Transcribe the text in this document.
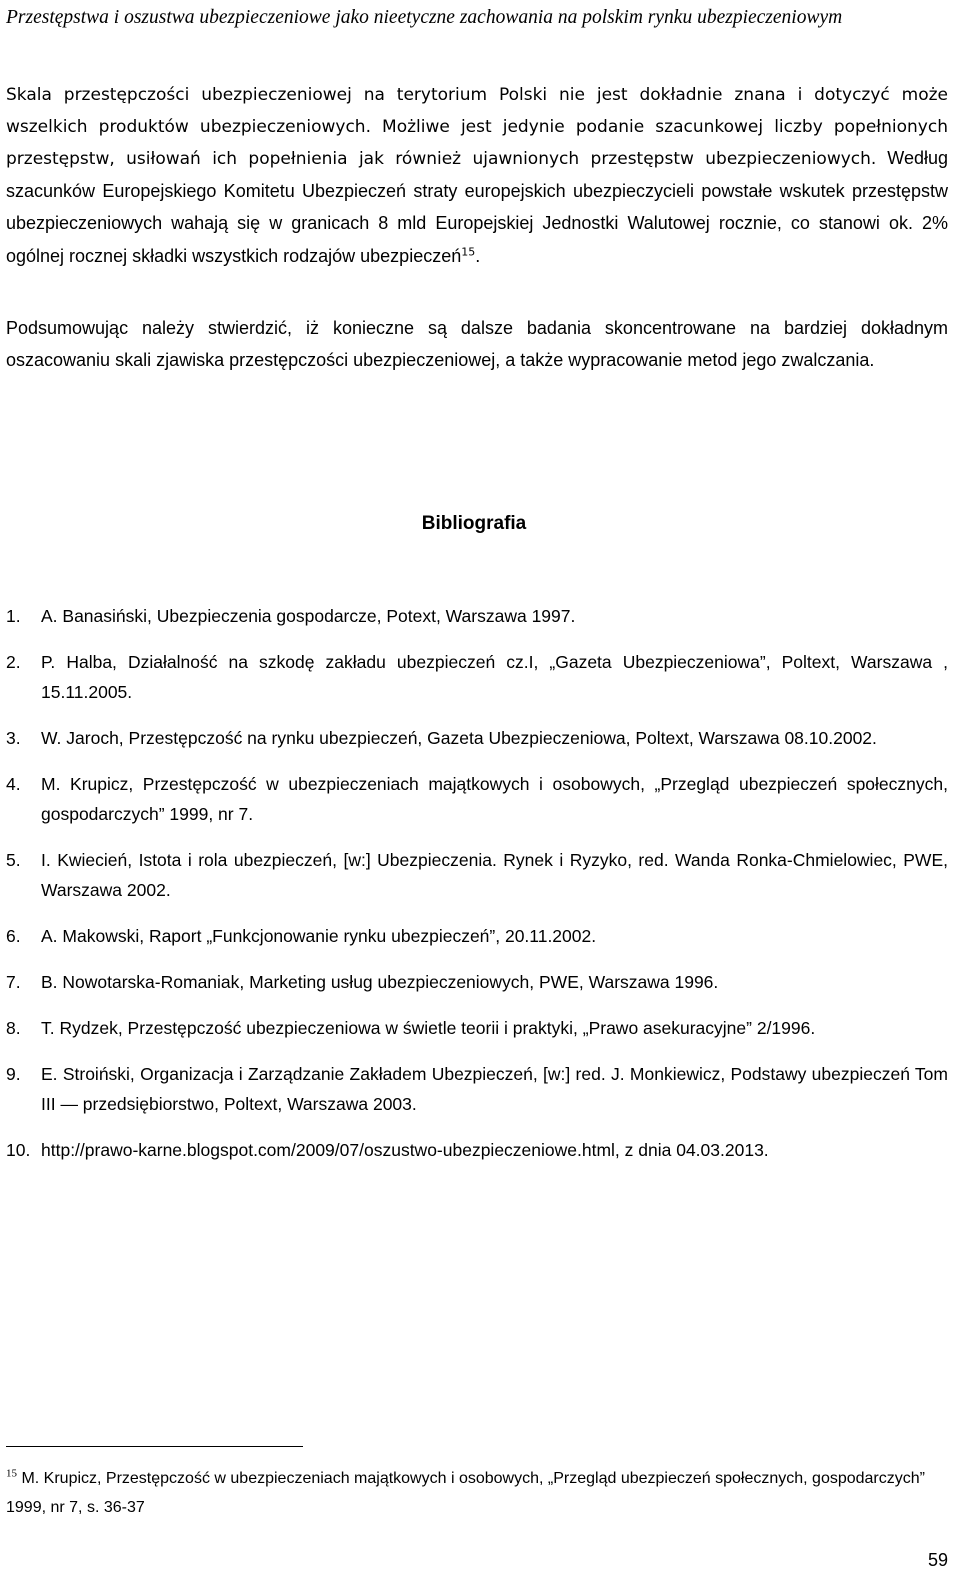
Przestępstwa i oszustwa ubezpieczeniowe jako nieetyczne zachowania na polskim rynku ubezpieczeniowym

Skala przestępczości ubezpieczeniowej na terytorium Polski nie jest dokładnie znana i dotyczyć może wszelkich produktów ubezpieczeniowych. Możliwe jest jedynie podanie szacunkowej liczby popełnionych przestępstw, usiłowań ich popełnienia jak również ujawnionych przestępstw ubezpieczeniowych. Według szacunków Europejskiego Komitetu Ubezpieczeń straty europejskich ubezpieczycieli powstałe wskutek przestępstw ubezpieczeniowych wahają się w granicach 8 mld Europejskiej Jednostki Walutowej rocznie, co stanowi ok. 2% ogólnej rocznej składki wszystkich rodzajów ubezpieczeń$^{15}$.

Podsumowując należy stwierdzić, iż konieczne są dalsze badania skoncentrowane na bardziej dokładnym oszacowaniu skali zjawiska przestępczości ubezpieczeniowej, a także wypracowanie metod jego zwalczania.

Bibliografia
1. A. Banasiński, Ubezpieczenia gospodarcze, Potext, Warszawa 1997.
2. P. Halba, Działalność na szkodę zakładu ubezpieczeń cz.I, „Gazeta Ubezpieczeniowa”, Poltext, Warszawa , 15.11.2005.
3. W. Jaroch, Przestępczość na rynku ubezpieczeń, Gazeta Ubezpieczeniowa, Poltext, Warszawa 08.10.2002.
4. M. Krupicz, Przestępczość w ubezpieczeniach majątkowych i osobowych, „Przegląd ubezpieczeń społecznych, gospodarczych” 1999, nr 7.
5. I. Kwiecień, Istota i rola ubezpieczeń, [w:] Ubezpieczenia. Rynek i Ryzyko, red. Wanda Ronka-Chmielowiec, PWE, Warszawa 2002.
6. A. Makowski, Raport „Funkcjonowanie rynku ubezpieczeń”, 20.11.2002.
7. B. Nowotarska-Romaniak, Marketing usług ubezpieczeniowych, PWE, Warszawa 1996.
8. T. Rydzek, Przestępczość ubezpieczeniowa w świetle teorii i praktyki, „Prawo asekuracyjne” 2/1996.
9. E. Stroiński, Organizacja i Zarządzanie Zakładem Ubezpieczeń, [w:] red. J. Monkiewicz, Podstawy ubezpieczeń Tom III — przedsiębiorstwo, Poltext, Warszawa 2003.
10. http://prawo-karne.blogspot.com/2009/07/oszustwo-ubezpieczeniowe.html, z dnia 04.03.2013.
$^{15}$ M. Krupicz, Przestępczość w ubezpieczeniach majątkowych i osobowych, „Przegląd ubezpieczeń społecznych, gospodarczych” 1999, nr 7, s. 36-37
59
